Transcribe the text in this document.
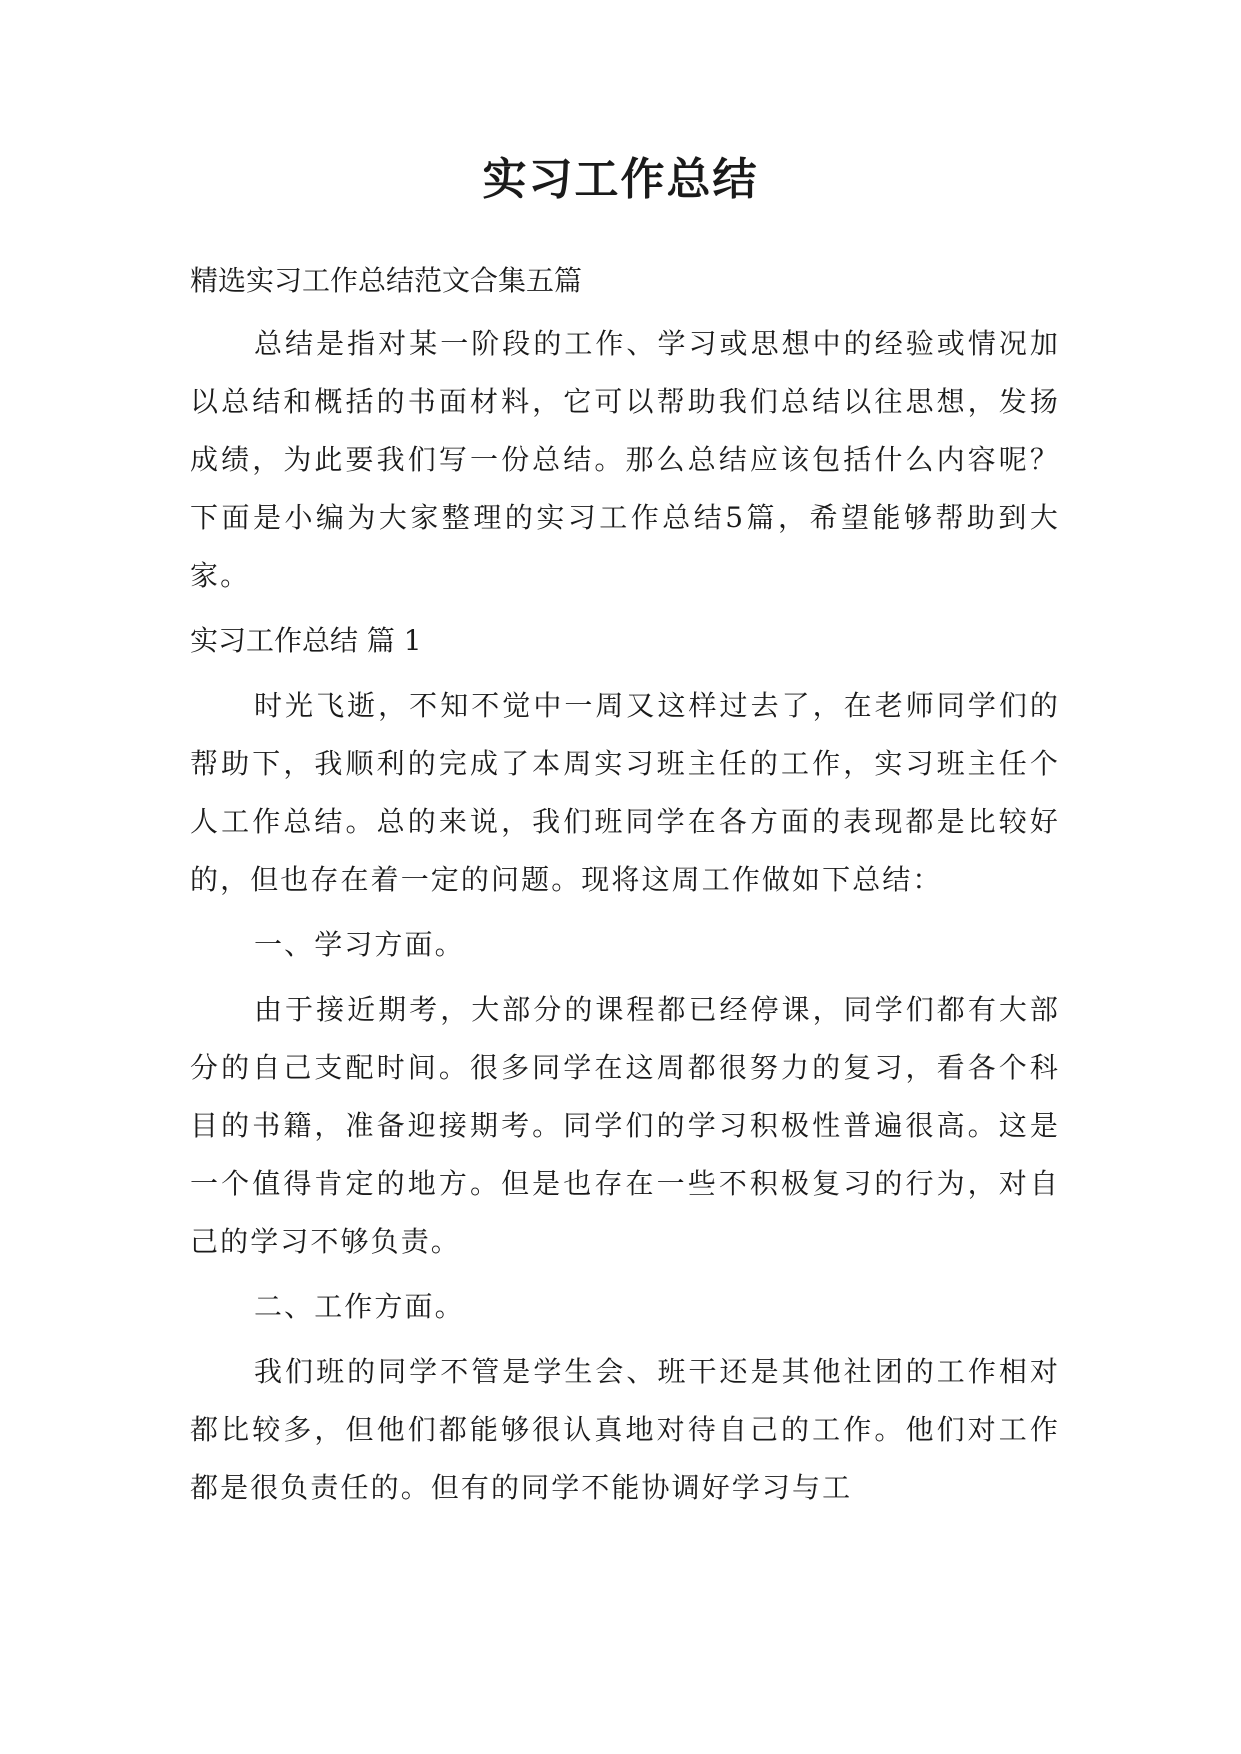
实习工作总结

精选实习工作总结范文合集五篇

总结是指对某一阶段的工作、学习或思想中的经验或情况加以总结和概括的书面材料，它可以帮助我们总结以往思想，发扬成绩，为此要我们写一份总结。那么总结应该包括什么内容呢？下面是小编为大家整理的实习工作总结5篇，希望能够帮助到大家。

实习工作总结 篇 1

时光飞逝，不知不觉中一周又这样过去了，在老师同学们的帮助下，我顺利的完成了本周实习班主任的工作，实习班主任个人工作总结。总的来说，我们班同学在各方面的表现都是比较好的，但也存在着一定的问题。现将这周工作做如下总结：

一、学习方面。

由于接近期考，大部分的课程都已经停课，同学们都有大部分的自己支配时间。很多同学在这周都很努力的复习，看各个科目的书籍，准备迎接期考。同学们的学习积极性普遍很高。这是一个值得肯定的地方。但是也存在一些不积极复习的行为，对自己的学习不够负责。

二、工作方面。

我们班的同学不管是学生会、班干还是其他社团的工作相对都比较多，但他们都能够很认真地对待自己的工作。他们对工作都是很负责任的。但有的同学不能协调好学习与工
